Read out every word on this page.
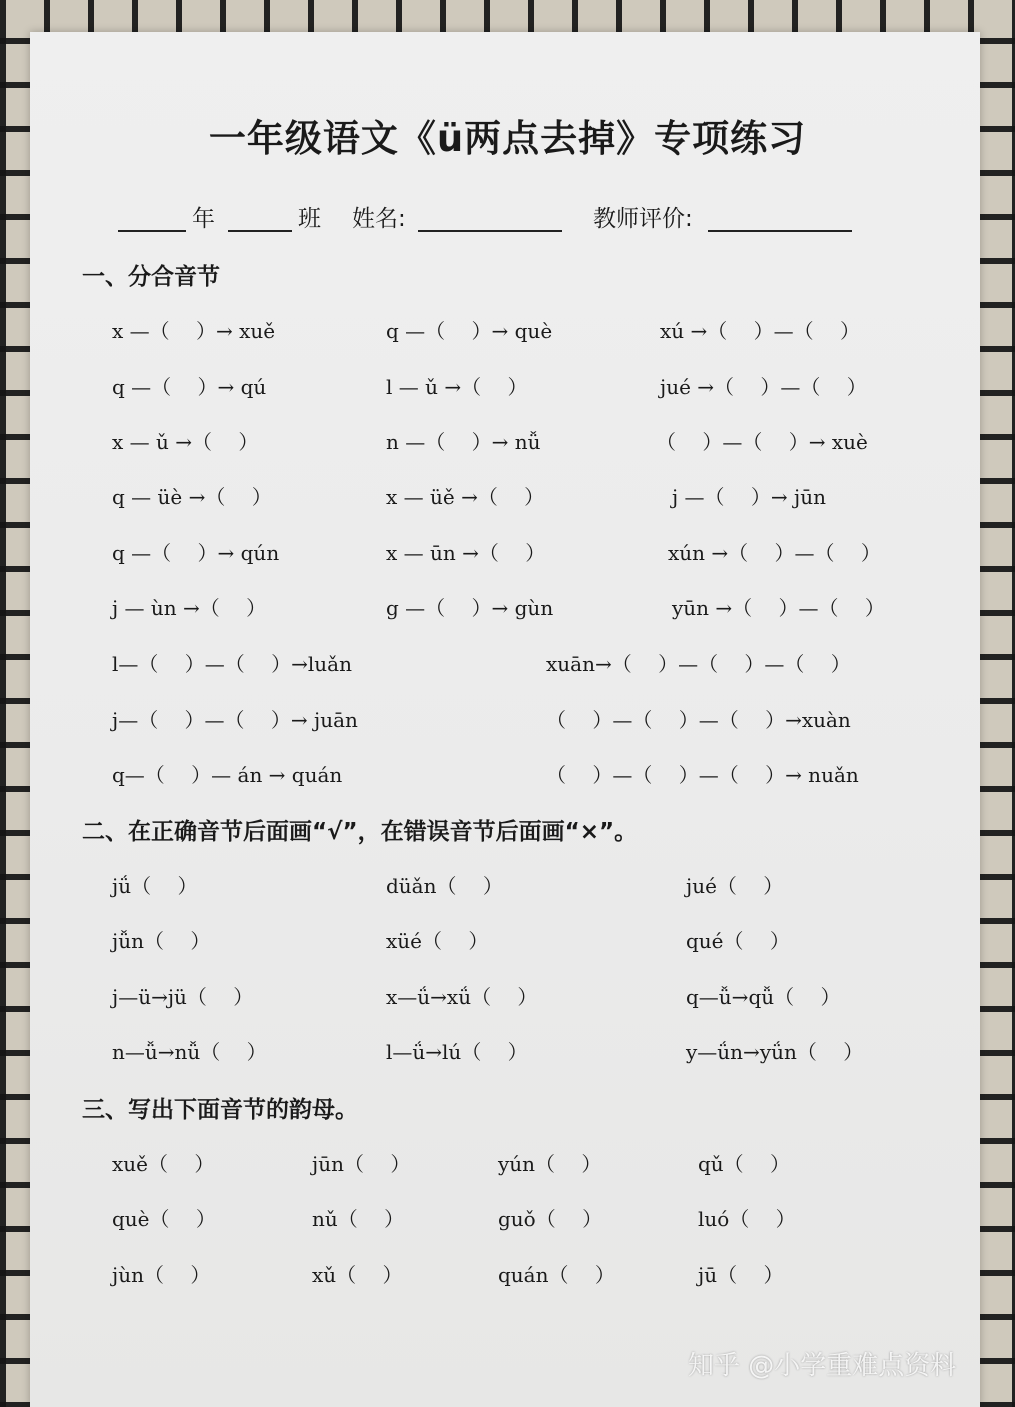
一年级语文《ü两点去掉》专项练习
年	班 姓名:	教师评价:
一、分合音节
x —（　 ）→ xuě	q —（　 ）→ què	xú →（　 ）—（　 ）
q —（　 ）→ qú	l — ǔ →（　 ）	jué →（　 ）—（　 ）
x — ǔ →（　 ）	n —（　 ）→ nǚ	（　 ）—（　 ）→ xuè
q — üè →（　 ）	x — üě →（　 ）	j —（　 ）→ jūn
q —（　 ）→ qún	x — ūn →（　 ）	xún →（　 ）—（　 ）
j — ùn →（　 ）	g —（　 ）→ gùn	yūn →（　 ）—（　 ）
l—（　 ）—（　 ）→luǎn	xuān→（　 ）—（　 ）—（　 ）
j—（　 ）—（　 ）→ juān	（　 ）—（　 ）—（　 ）→xuàn
q—（　 ）— án → quán	（　 ）—（　 ）—（　 ）→ nuǎn
二、在正确音节后面画“√”，在错误音节后面画“×”。
jǘ（　 ）	düǎn（　 ）	jué（　 ）
jǚn（　 ）	xüé（　 ）	qué（　 ）
j—ü→jü（　 ）	x—ǘ→xǘ（　 ）	q—ǚ→qǚ（　 ）
n—ǚ→nǚ（　 ）	l—ǘ→lú（　 ）	y—ǘn→yǘn（　 ）
三、写出下面音节的韵母。
xuě（　 ）	jūn（　 ）	yún（　 ）	qǔ（　 ）
què（　 ）	nǔ（　 ）	guǒ（　 ）	luó（　 ）
jùn（　 ）	xǔ（　 ）	quán（　 ）	jū（　 ）
知乎 @小学重难点资料
